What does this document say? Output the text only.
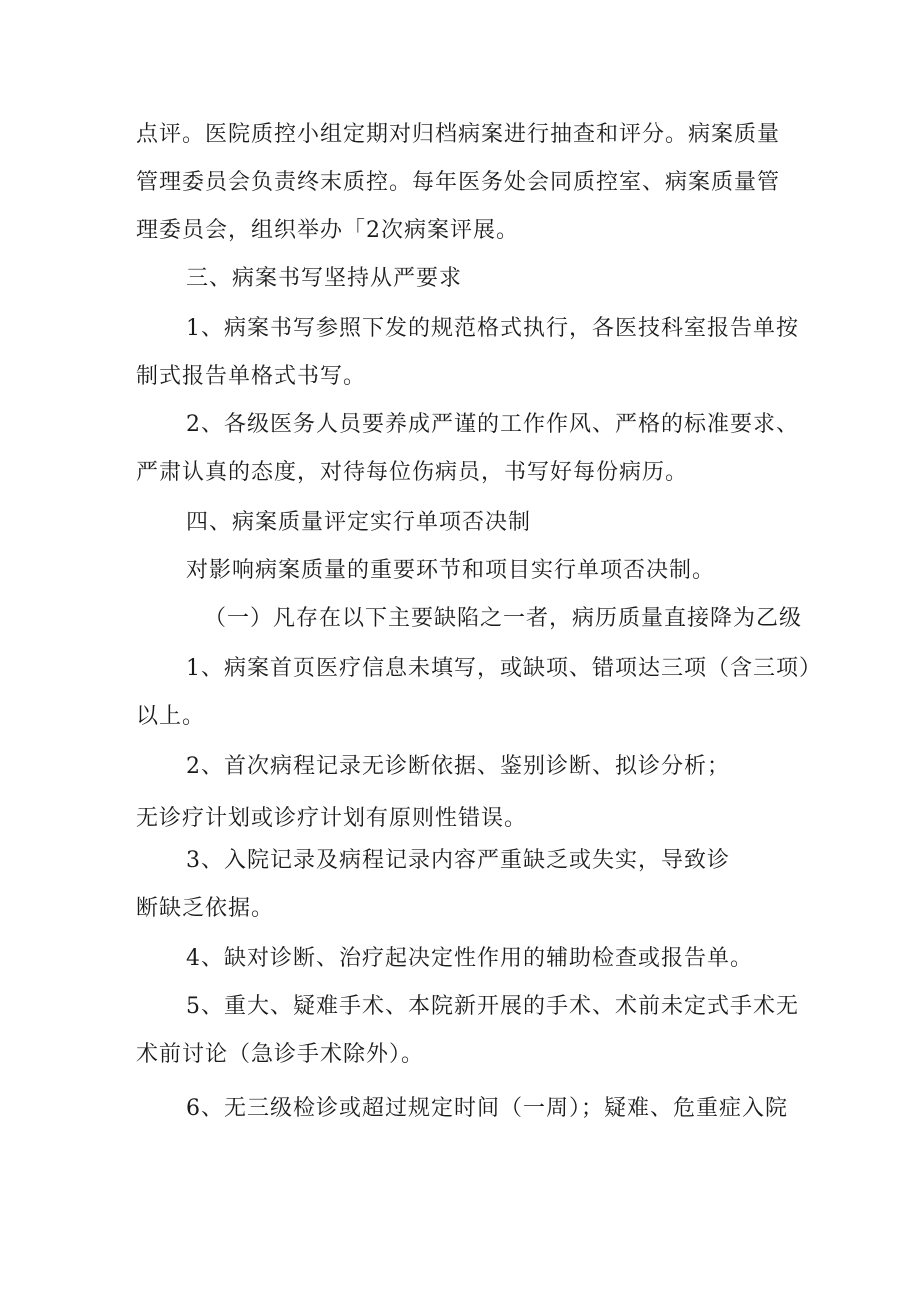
点评。医院质控小组定期对归档病案进行抽查和评分。病案质量
管理委员会负责终末质控。每年医务处会同质控室、病案质量管
理委员会，组织举办「2次病案评展。
三、病案书写坚持从严要求
1、病案书写参照下发的规范格式执行，各医技科室报告单按
制式报告单格式书写。
2、各级医务人员要养成严谨的工作作风、严格的标准要求、
严肃认真的态度，对待每位伤病员，书写好每份病历。
四、病案质量评定实行单项否决制
对影响病案质量的重要环节和项目实行单项否决制。
（一）凡存在以下主要缺陷之一者，病历质量直接降为乙级
1、病案首页医疗信息未填写，或缺项、错项达三项（含三项）
以上。
2、首次病程记录无诊断依据、鉴别诊断、拟诊分析；
无诊疗计划或诊疗计划有原则性错误。
3、入院记录及病程记录内容严重缺乏或失实，导致诊
断缺乏依据。
4、缺对诊断、治疗起决定性作用的辅助检查或报告单。
5、重大、疑难手术、本院新开展的手术、术前未定式手术无
术前讨论（急诊手术除外）。
6、无三级检诊或超过规定时间（一周）；疑难、危重症入院
